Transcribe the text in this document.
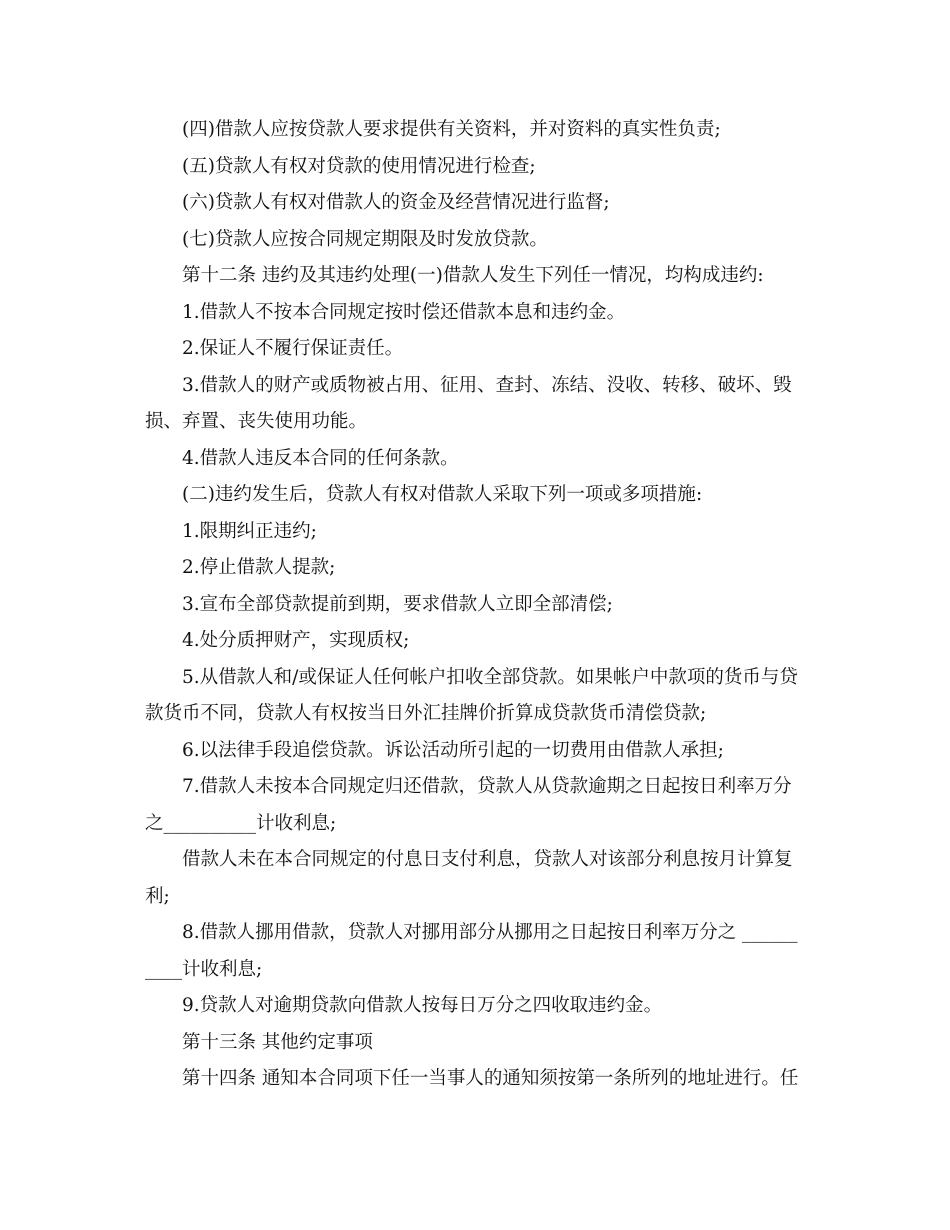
(四)借款人应按贷款人要求提供有关资料，并对资料的真实性负责;

(五)贷款人有权对贷款的使用情况进行检查;

(六)贷款人有权对借款人的资金及经营情况进行监督;

(七)贷款人应按合同规定期限及时发放贷款。

第十二条 违约及其违约处理(一)借款人发生下列任一情况，均构成违约:

1.借款人不按本合同规定按时偿还借款本息和违约金。

2.保证人不履行保证责任。

3.借款人的财产或质物被占用、征用、查封、冻结、没收、转移、破坏、毁损、弃置、丧失使用功能。

4.借款人违反本合同的任何条款。

(二)违约发生后，贷款人有权对借款人采取下列一项或多项措施:

1.限期纠正违约;

2.停止借款人提款;

3.宣布全部贷款提前到期，要求借款人立即全部清偿;

4.处分质押财产，实现质权;

5.从借款人和/或保证人任何帐户扣收全部贷款。如果帐户中款项的货币与贷款货币不同，贷款人有权按当日外汇挂牌价折算成贷款货币清偿贷款;

6.以法律手段追偿贷款。诉讼活动所引起的一切费用由借款人承担;

7.借款人未按本合同规定归还借款，贷款人从贷款逾期之日起按日利率万分之__________计收利息;

借款人未在本合同规定的付息日支付利息，贷款人对该部分利息按月计算复利;

8.借款人挪用借款，贷款人对挪用部分从挪用之日起按日利率万分之 __________计收利息;

9.贷款人对逾期贷款向借款人按每日万分之四收取违约金。

第十三条 其他约定事项

第十四条 通知本合同项下任一当事人的通知须按第一条所列的地址进行。任
